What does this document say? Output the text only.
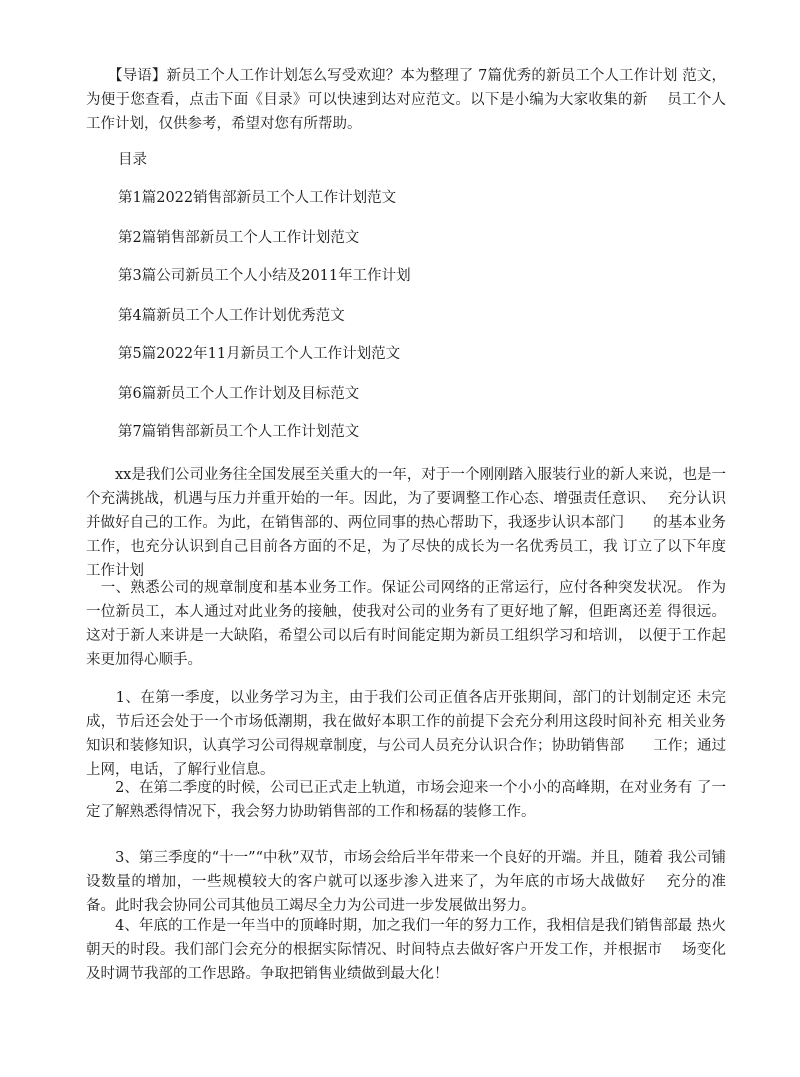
　　【导语】新员工个人工作计划怎么写受欢迎？本为整理了 7篇优秀的新员工个人工作计划 范文，为便于您查看，点击下面《目录》可以快速到达对应范文。以下是小编为大家收集的新　 员工个人工作计划，仅供参考，希望对您有所帮助。

目录

第1篇2022销售部新员工个人工作计划范文

第2篇销售部新员工个人工作计划范文

第3篇公司新员工个人小结及2011年工作计划

第4篇新员工个人工作计划优秀范文

第5篇2022年11月新员工个人工作计划范文

第6篇新员工个人工作计划及目标范文

第7篇销售部新员工个人工作计划范文

　　xx是我们公司业务往全国发展至关重大的一年，对于一个刚刚踏入服装行业的新人来说，也是一个充满挑战，机遇与压力并重开始的一年。因此，为了要调整工作心态、增强责任意识、　 充分认识并做好自己的工作。为此，在销售部的、两位同事的热心帮助下，我逐步认识本部门　　的基本业务工作，也充分认识到自己目前各方面的不足，为了尽快的成长为一名优秀员工，我 订立了以下年度工作计划

　一、熟悉公司的规章制度和基本业务工作。保证公司网络的正常运行，应付各种突发状况。 作为一位新员工，本人通过对此业务的接触，使我对公司的业务有了更好地了解，但距离还差 得很远。这对于新人来讲是一大缺陷，希望公司以后有时间能定期为新员工组织学习和培训， 以便于工作起来更加得心顺手。

　　1、在第一季度，以业务学习为主，由于我们公司正值各店开张期间，部门的计划制定还 未完成，节后还会处于一个市场低潮期，我在做好本职工作的前提下会充分利用这段时间补充 相关业务知识和装修知识，认真学习公司得规章制度，与公司人员充分认识合作；协助销售部　　工作；通过上网，电话，了解行业信息。

　　2、在第二季度的时候，公司已正式走上轨道，市场会迎来一个小小的高峰期，在对业务有 了一定了解熟悉得情况下，我会努力协助销售部的工作和杨磊的装修工作。

　　3、第三季度的“十一”“中秋”双节，市场会给后半年带来一个良好的开端。并且，随着 我公司铺设数量的增加，一些规模较大的客户就可以逐步渗入进来了，为年底的市场大战做好　 充分的准备。此时我会协同公司其他员工竭尽全力为公司进一步发展做出努力。

　　4、年底的工作是一年当中的顶峰时期，加之我们一年的努力工作，我相信是我们销售部最 热火朝天的时段。我们部门会充分的根据实际情况、时间特点去做好客户开发工作，并根据市　 场变化及时调节我部的工作思路。争取把销售业绩做到最大化！
